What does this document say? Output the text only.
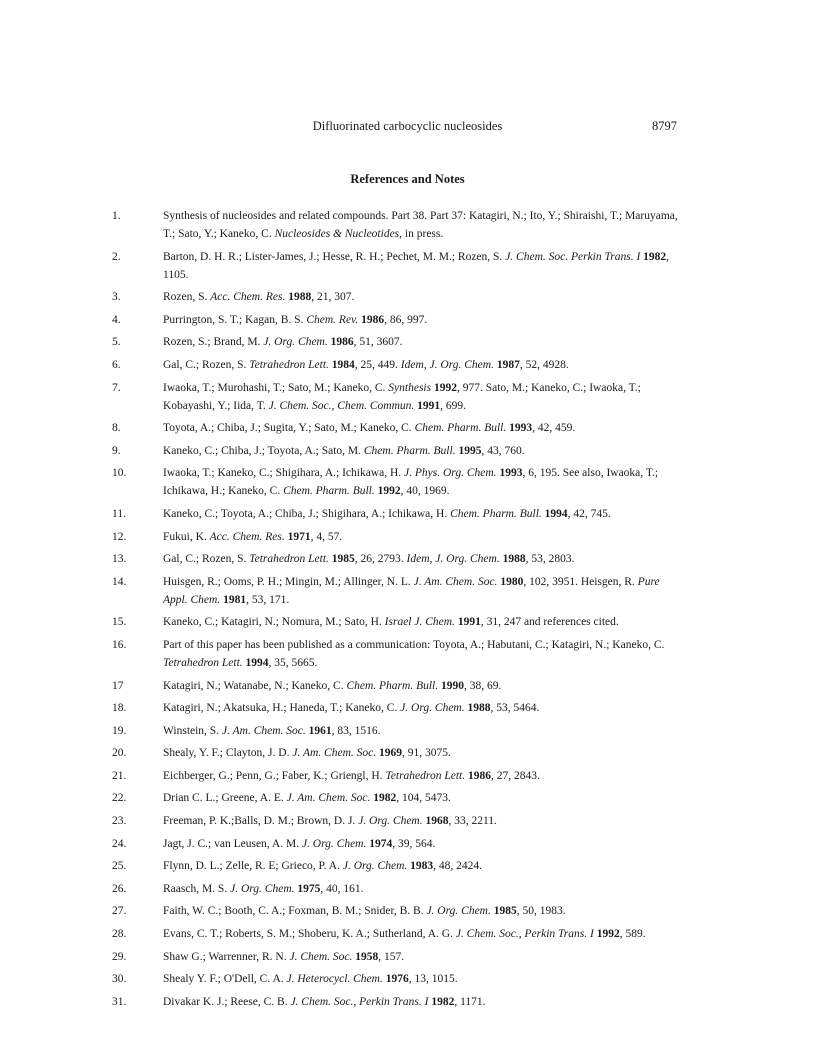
Difluorinated carbocyclic nucleosides	8797
References and Notes
1.	Synthesis of nucleosides and related compounds. Part 38. Part 37: Katagiri, N.; Ito, Y.; Shiraishi, T.; Maruyama, T.; Sato, Y.; Kaneko, C. Nucleosides & Nucleotides, in press.
2.	Barton, D. H. R.; Lister-James, J.; Hesse, R. H.; Pechet, M. M.; Rozen, S. J. Chem. Soc. Perkin Trans. I 1982, 1105.
3.	Rozen, S. Acc. Chem. Res. 1988, 21, 307.
4.	Purrington, S. T.; Kagan, B. S. Chem. Rev. 1986, 86, 997.
5.	Rozen, S.; Brand, M. J. Org. Chem. 1986, 51, 3607.
6.	Gal, C.; Rozen, S. Tetrahedron Lett. 1984, 25, 449. Idem, J. Org. Chem. 1987, 52, 4928.
7.	Iwaoka, T.; Murohashi, T.; Sato, M.; Kaneko, C. Synthesis 1992, 977. Sato, M.; Kaneko, C.; Iwaoka, T.; Kobayashi, Y.; Iida, T. J. Chem. Soc., Chem. Commun. 1991, 699.
8.	Toyota, A.; Chiba, J.; Sugita, Y.; Sato, M.; Kaneko, C. Chem. Pharm. Bull. 1993, 42, 459.
9.	Kaneko, C.; Chiba, J.; Toyota, A.; Sato, M. Chem. Pharm. Bull. 1995, 43, 760.
10.	Iwaoka, T.; Kaneko, C.; Shigihara, A.; Ichikawa, H. J. Phys. Org. Chem. 1993, 6, 195. See also, Iwaoka, T.; Ichikawa, H.; Kaneko, C. Chem. Pharm. Bull. 1992, 40, 1969.
11.	Kaneko, C.; Toyota, A.; Chiba, J.; Shigihara, A.; Ichikawa, H. Chem. Pharm. Bull. 1994, 42, 745.
12.	Fukui, K. Acc. Chem. Res. 1971, 4, 57.
13.	Gal, C.; Rozen, S. Tetrahedron Lett. 1985, 26, 2793. Idem, J. Org. Chem. 1988, 53, 2803.
14.	Huisgen, R.; Ooms, P. H.; Mingin, M.; Allinger, N. L. J. Am. Chem. Soc. 1980, 102, 3951. Heisgen, R. Pure Appl. Chem. 1981, 53, 171.
15.	Kaneko, C.; Katagiri, N.; Nomura, M.; Sato, H. Israel J. Chem. 1991, 31, 247 and references cited.
16.	Part of this paper has been published as a communication: Toyota, A.; Habutani, C.; Katagiri, N.; Kaneko, C. Tetrahedron Lett. 1994, 35, 5665.
17	Katagiri, N.; Watanabe, N.; Kaneko, C. Chem. Pharm. Bull. 1990, 38, 69.
18.	Katagiri, N.; Akatsuka, H.; Haneda, T.; Kaneko, C. J. Org. Chem. 1988, 53, 5464.
19.	Winstein, S. J. Am. Chem. Soc. 1961, 83, 1516.
20.	Shealy, Y. F.; Clayton, J. D. J. Am. Chem. Soc. 1969, 91, 3075.
21.	Eichberger, G.; Penn, G.; Faber, K.; Griengl, H. Tetrahedron Lett. 1986, 27, 2843.
22.	Drian C. L.; Greene, A. E. J. Am. Chem. Soc. 1982, 104, 5473.
23.	Freeman, P. K.;Balls, D. M.; Brown, D. J. J. Org. Chem. 1968, 33, 2211.
24.	Jagt, J. C.; van Leusen, A. M. J. Org. Chem. 1974, 39, 564.
25.	Flynn, D. L.; Zelle, R. E; Grieco, P. A. J. Org. Chem. 1983, 48, 2424.
26.	Raasch, M. S. J. Org. Chem. 1975, 40, 161.
27.	Faith, W. C.; Booth, C. A.; Foxman, B. M.; Snider, B. B. J. Org. Chem. 1985, 50, 1983.
28.	Evans, C. T.; Roberts, S. M.; Shoberu, K. A.; Sutherland, A. G. J. Chem. Soc., Perkin Trans. I 1992, 589.
29.	Shaw G.; Warrenner, R. N. J. Chem. Soc. 1958, 157.
30.	Shealy Y. F.; O'Dell, C. A. J. Heterocycl. Chem. 1976, 13, 1015.
31.	Divakar K. J.; Reese, C. B. J. Chem. Soc., Perkin Trans. I 1982, 1171.
